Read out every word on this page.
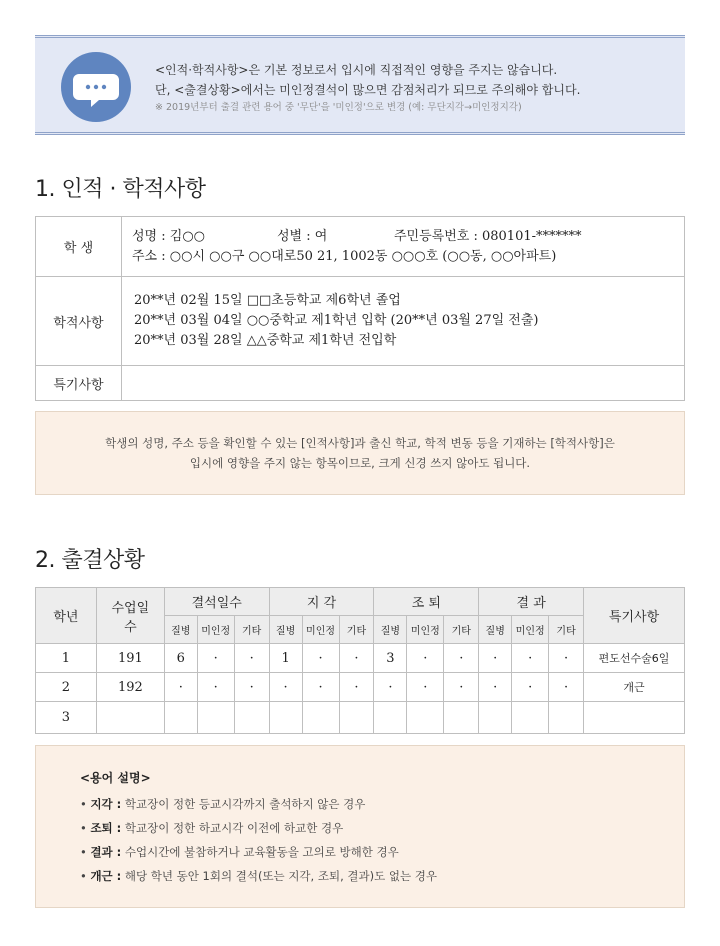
<인적·학적사항>은 기본 정보로서 입시에 직접적인 영향을 주지는 않습니다.
단, <출결상황>에서는 미인정결석이 많으면 감점처리가 되므로 주의해야 합니다.
※ 2019년부터 출결 관련 용어 중 '무단'을 '미인정'으로 변경 (예: 무단지각→미인정지각)
1. 인적 · 학적사항
학 생	성명 : 김○○ 성별 : 여 주민등록번호 : 080101-*******
주소 : ○○시 ○○구 ○○대로50 21, 1002동 ○○○호 (○○동, ○○아파트)

학적사항	20**년 02월 15일 □□초등학교 제6학년 졸업
20**년 03월 04일 ○○중학교 제1학년 입학 (20**년 03월 27일 전출)
20**년 03월 28일 △△중학교 제1학년 전입학

특기사항	
학생의 성명, 주소 등을 확인할 수 있는 [인적사항]과 출신 학교, 학적 변동 등을 기재하는 [학적사항]은
입시에 영향을 주지 않는 항목이므로, 크게 신경 쓰지 않아도 됩니다.
2. 출결상황
학년	수업일수	결석일수			지 각			조 퇴			결 과			특기사항
		질병	미인정	기타	질병	미인정	기타	질병	미인정	기타	질병	미인정	기타	
1	191	6	·	·	1	·	·	3	·	·	·	·	·	편도선수술6일
2	192	·	·	·	·	·	·	·	·	·	·	·	·	개근
3														
<용어 설명>
• 지각 : 학교장이 정한 등교시각까지 출석하지 않은 경우
• 조퇴 : 학교장이 정한 하교시각 이전에 하교한 경우
• 결과 : 수업시간에 불참하거나 교육활동을 고의로 방해한 경우
• 개근 : 해당 학년 동안 1회의 결석(또는 지각, 조퇴, 결과)도 없는 경우
